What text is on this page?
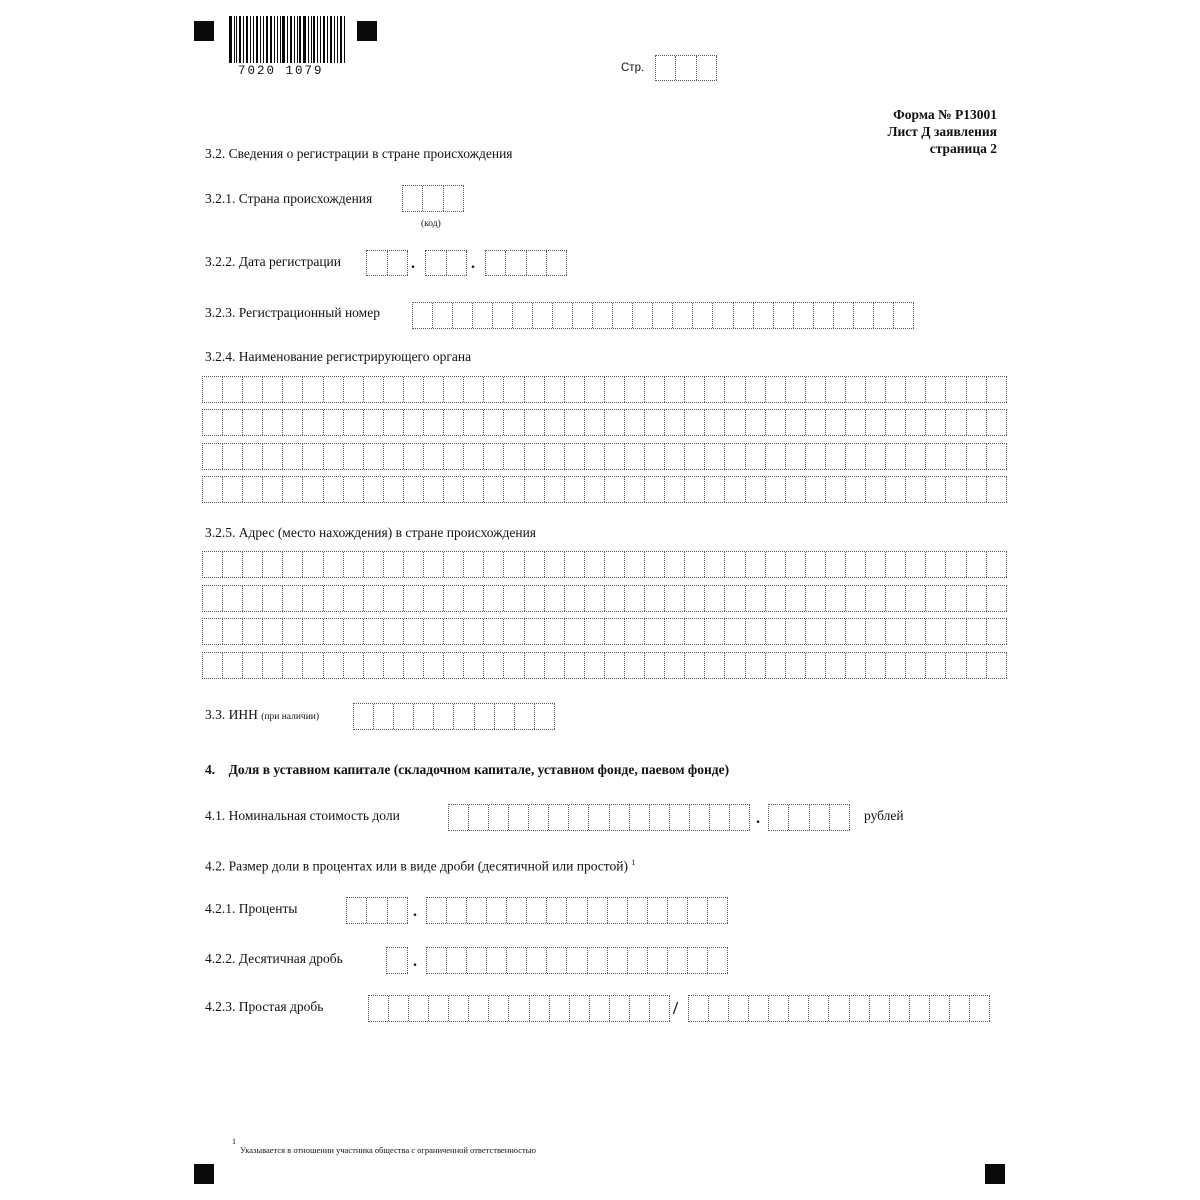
7020 1079	Стр.
Форма № Р13001
Лист Д заявления
страница 2
3.2. Сведения о регистрации в стране происхождения
3.2.1. Страна происхождения
(код)
3.2.2. Дата регистрации	.	.
3.2.3. Регистрационный номер
3.2.4. Наименование регистрирующего органа
3.2.5. Адрес (место нахождения) в стране происхождения
3.3. ИНН (при наличии)
4.    Доля в уставном капитале (складочном капитале, уставном фонде, паевом фонде)
4.1. Номинальная стоимость доли	.	рублей
4.2. Размер доли в процентах или в виде дроби (десятичной или простой) $^1$
4.2.1. Проценты	.
4.2.2. Десятичная дробь	.
4.2.3. Простая дробь	/
1
Указывается в отношении участника общества с ограниченной ответственностью
